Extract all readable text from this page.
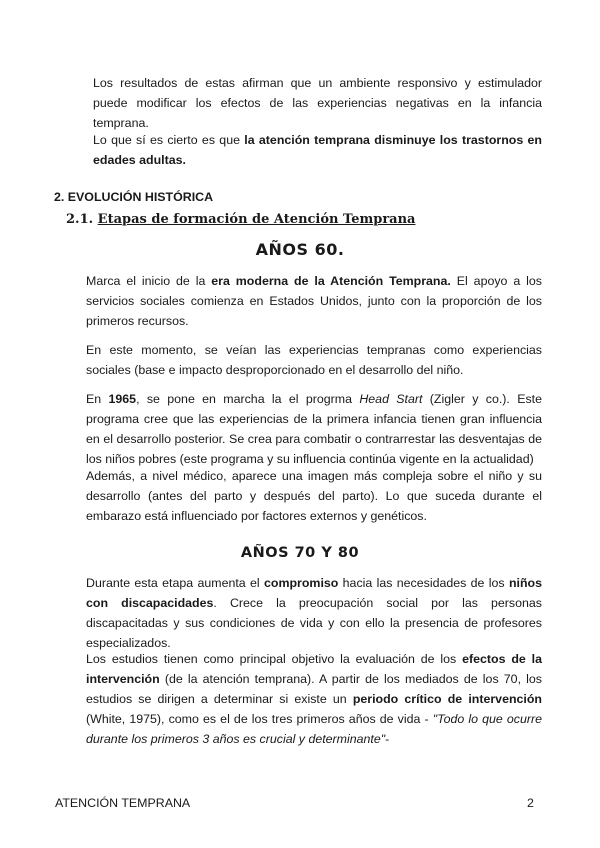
Los resultados de estas afirman que un ambiente responsivo y estimulador puede modificar los efectos de las experiencias negativas en la infancia temprana.

Lo que sí es cierto es que la atención temprana disminuye los trastornos en edades adultas.

2. EVOLUCIÓN HISTÓRICA

2.1. Etapas de formación de Atención Temprana

AÑOS 60.

Marca el inicio de la era moderna de la Atención Temprana. El apoyo a los servicios sociales comienza en Estados Unidos, junto con la proporción de los primeros recursos.

En este momento, se veían las experiencias tempranas como experiencias sociales (base e impacto desproporcionado en el desarrollo del niño.

En 1965, se pone en marcha la el progrma Head Start (Zigler y co.). Este programa cree que las experiencias de la primera infancia tienen gran influencia en el desarrollo posterior. Se crea para combatir o contrarrestar las desventajas de los niños pobres (este programa y su influencia continúa vigente en la actualidad)

Además, a nivel médico, aparece una imagen más compleja sobre el niño y su desarrollo (antes del parto y después del parto). Lo que suceda durante el embarazo está influenciado por factores externos y genéticos.

AÑOS 70 Y 80

Durante esta etapa aumenta el compromiso hacia las necesidades de los niños con discapacidades. Crece la preocupación social por las personas discapacitadas y sus condiciones de vida y con ello la presencia de profesores especializados.

Los estudios tienen como principal objetivo la evaluación de los efectos de la intervención (de la atención temprana). A partir de los mediados de los 70, los estudios se dirigen a determinar si existe un periodo crítico de intervención (White, 1975), como es el de los tres primeros años de vida - "Todo lo que ocurre durante los primeros 3 años es crucial y determinante"-

ATENCIÓN TEMPRANA	2
